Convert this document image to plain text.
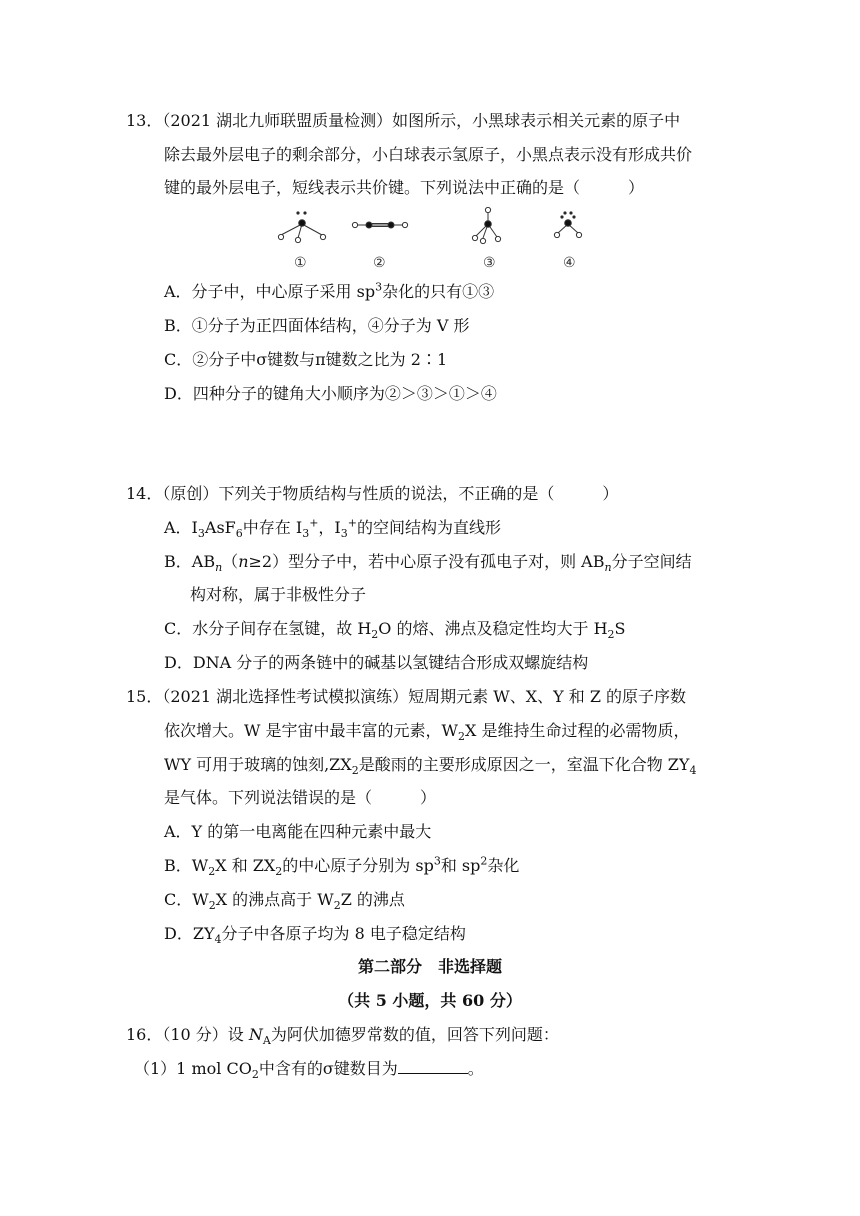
13．（2021 湖北九师联盟质量检测）如图所示，小黑球表示相关元素的原子中
除去最外层电子的剩余部分，小白球表示氢原子，小黑点表示没有形成共价
键的最外层电子，短线表示共价键。下列说法中正确的是（　　　）
①	②	③	④
A．分子中，中心原子采用 $sp^3$杂化的只有①③
B．①分子为正四面体结构，④分子为 V 形
C．②分子中σ键数与π键数之比为 2∶1
D．四种分子的键角大小顺序为②＞③＞①＞④
14．（原创）下列关于物质结构与性质的说法，不正确的是（　　　）
A．$I_3AsF_6$中存在 $I_3^+$，$I_3^+$的空间结构为直线形
B．$AB_n(n\ge 2)$型分子中，若中心原子没有孤电子对，则 $AB_n$分子空间结
构对称，属于非极性分子
C．水分子间存在氢键，故 $H_2O$ 的熔、沸点及稳定性均大于 $H_2S$
D．DNA 分子的两条链中的碱基以氢键结合形成双螺旋结构
15．（2021 湖北选择性考试模拟演练）短周期元素 W、X、Y 和 Z 的原子序数
依次增大。W 是宇宙中最丰富的元素，$W_2X$ 是维持生命过程的必需物质，
WY 可用于玻璃的蚀刻$,ZX_2$是酸雨的主要形成原因之一，室温下化合物 $ZY_4$
是气体。下列说法错误的是（　　　）
A．Y 的第一电离能在四种元素中最大
B．$W_2X$ 和 $ZX_2$的中心原子分别为 $sp^3$和 $sp^2$杂化
C．$W_2X$ 的沸点高于 $W_2Z$ 的沸点
D．$ZY_4$分子中各原子均为 8 电子稳定结构
第二部分　非选择题
（共 5 小题，共 60 分）
16．（10 分）设 $N_A$为阿伏加德罗常数的值，回答下列问题：
（1）1 mol $CO_2$中含有的σ键数目为	。
